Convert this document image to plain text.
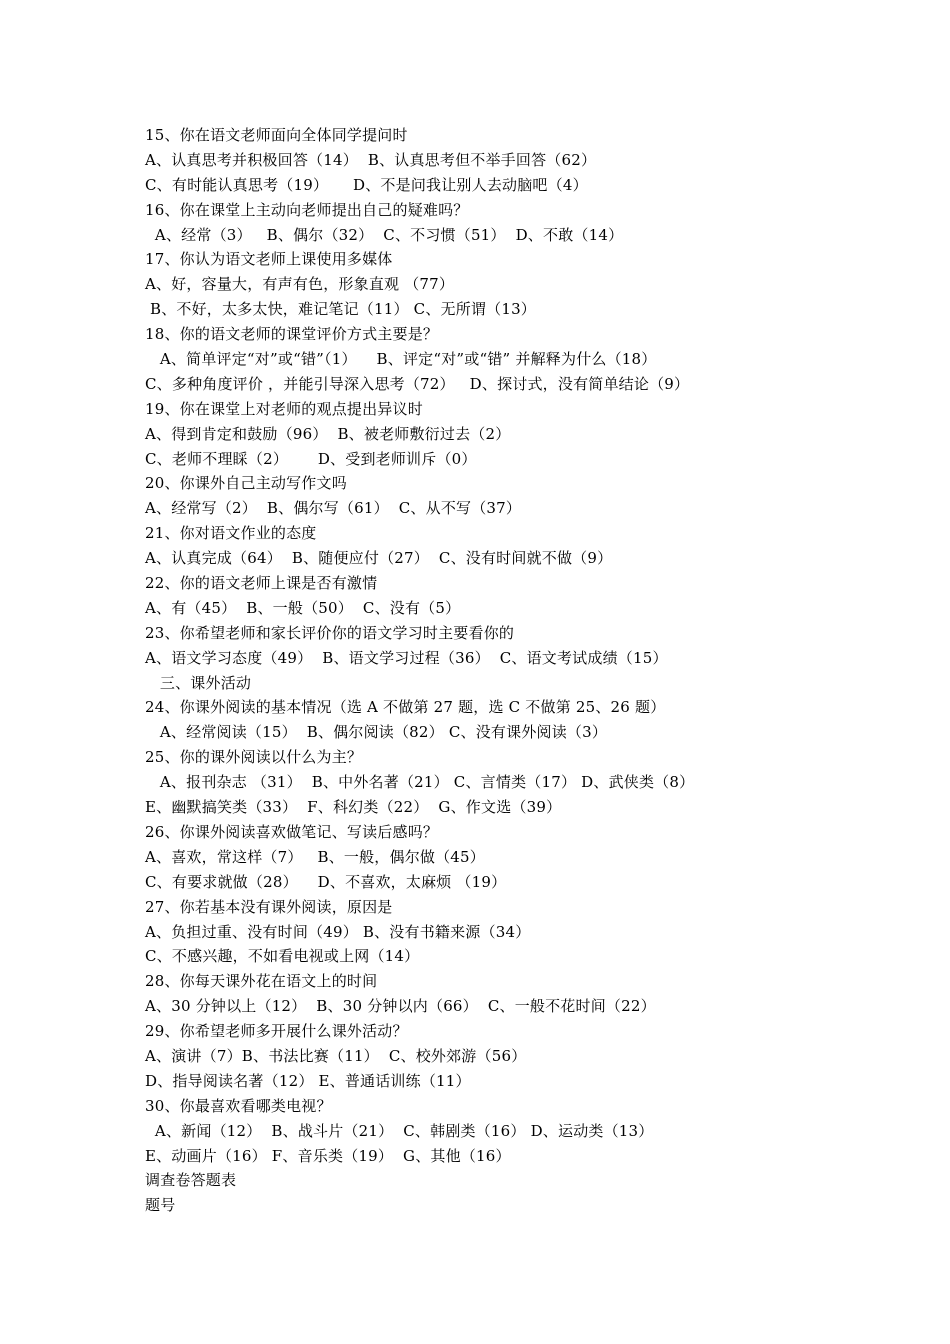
15、你在语文老师面向全体同学提问时
A、认真思考并积极回答（14）  B、认真思考但不举手回答（62）
C、有时能认真思考（19）     D、不是问我让别人去动脑吧（4）
16、你在课堂上主动向老师提出自己的疑难吗？
A、经常（3）   B、偶尔（32）  C、不习惯（51）  D、不敢（14）
17、你认为语文老师上课使用多媒体
A、好，容量大，有声有色，形象直观 （77）
B、不好，太多太快，难记笔记（11） C、无所谓（13）
18、你的语文老师的课堂评价方式主要是？
A、简单评定“对”或“错”（1）    B、评定“对”或“错” 并解释为什么（18）
C、多种角度评价 ，并能引导深入思考（72）   D、探讨式，没有简单结论（9）
19、你在课堂上对老师的观点提出异议时
A、得到肯定和鼓励（96）  B、被老师敷衍过去（2）
C、老师不理睬（2）      D、受到老师训斥（0）
20、你课外自己主动写作文吗
A、经常写（2）  B、偶尔写（61）  C、从不写（37）
21、你对语文作业的态度
A、认真完成（64）  B、随便应付（27）  C、没有时间就不做（9）
22、你的语文老师上课是否有激情
A、有（45）  B、一般（50）  C、没有（5）
23、你希望老师和家长评价你的语文学习时主要看你的
A、语文学习态度（49）  B、语文学习过程（36）  C、语文考试成绩（15）
三、课外活动
24、你课外阅读的基本情况（选 A 不做第 27 题，选 C 不做第 25、26 题）
A、经常阅读（15）  B、偶尔阅读（82） C、没有课外阅读（3）
25、你的课外阅读以什么为主？
A、报刊杂志 （31）  B、中外名著（21） C、言情类（17） D、武侠类（8）
E、幽默搞笑类（33）  F、科幻类（22）  G、作文选（39）
26、你课外阅读喜欢做笔记、写读后感吗？
A、喜欢，常这样（7）   B、一般，偶尔做（45）
C、有要求就做（28）    D、不喜欢，太麻烦 （19）
27、你若基本没有课外阅读，原因是
A、负担过重、没有时间（49） B、没有书籍来源（34）
C、不感兴趣，不如看电视或上网（14）
28、你每天课外花在语文上的时间
A、30 分钟以上（12）  B、30 分钟以内（66）  C、一般不花时间（22）
29、你希望老师多开展什么课外活动？
A、演讲（7）B、书法比赛（11）  C、校外郊游（56）
D、指导阅读名著（12） E、普通话训练（11）
30、你最喜欢看哪类电视？
A、新闻（12）  B、战斗片（21）  C、韩剧类（16） D、运动类（13）
E、动画片（16） F、音乐类（19）  G、其他（16）
调查卷答题表
题号
